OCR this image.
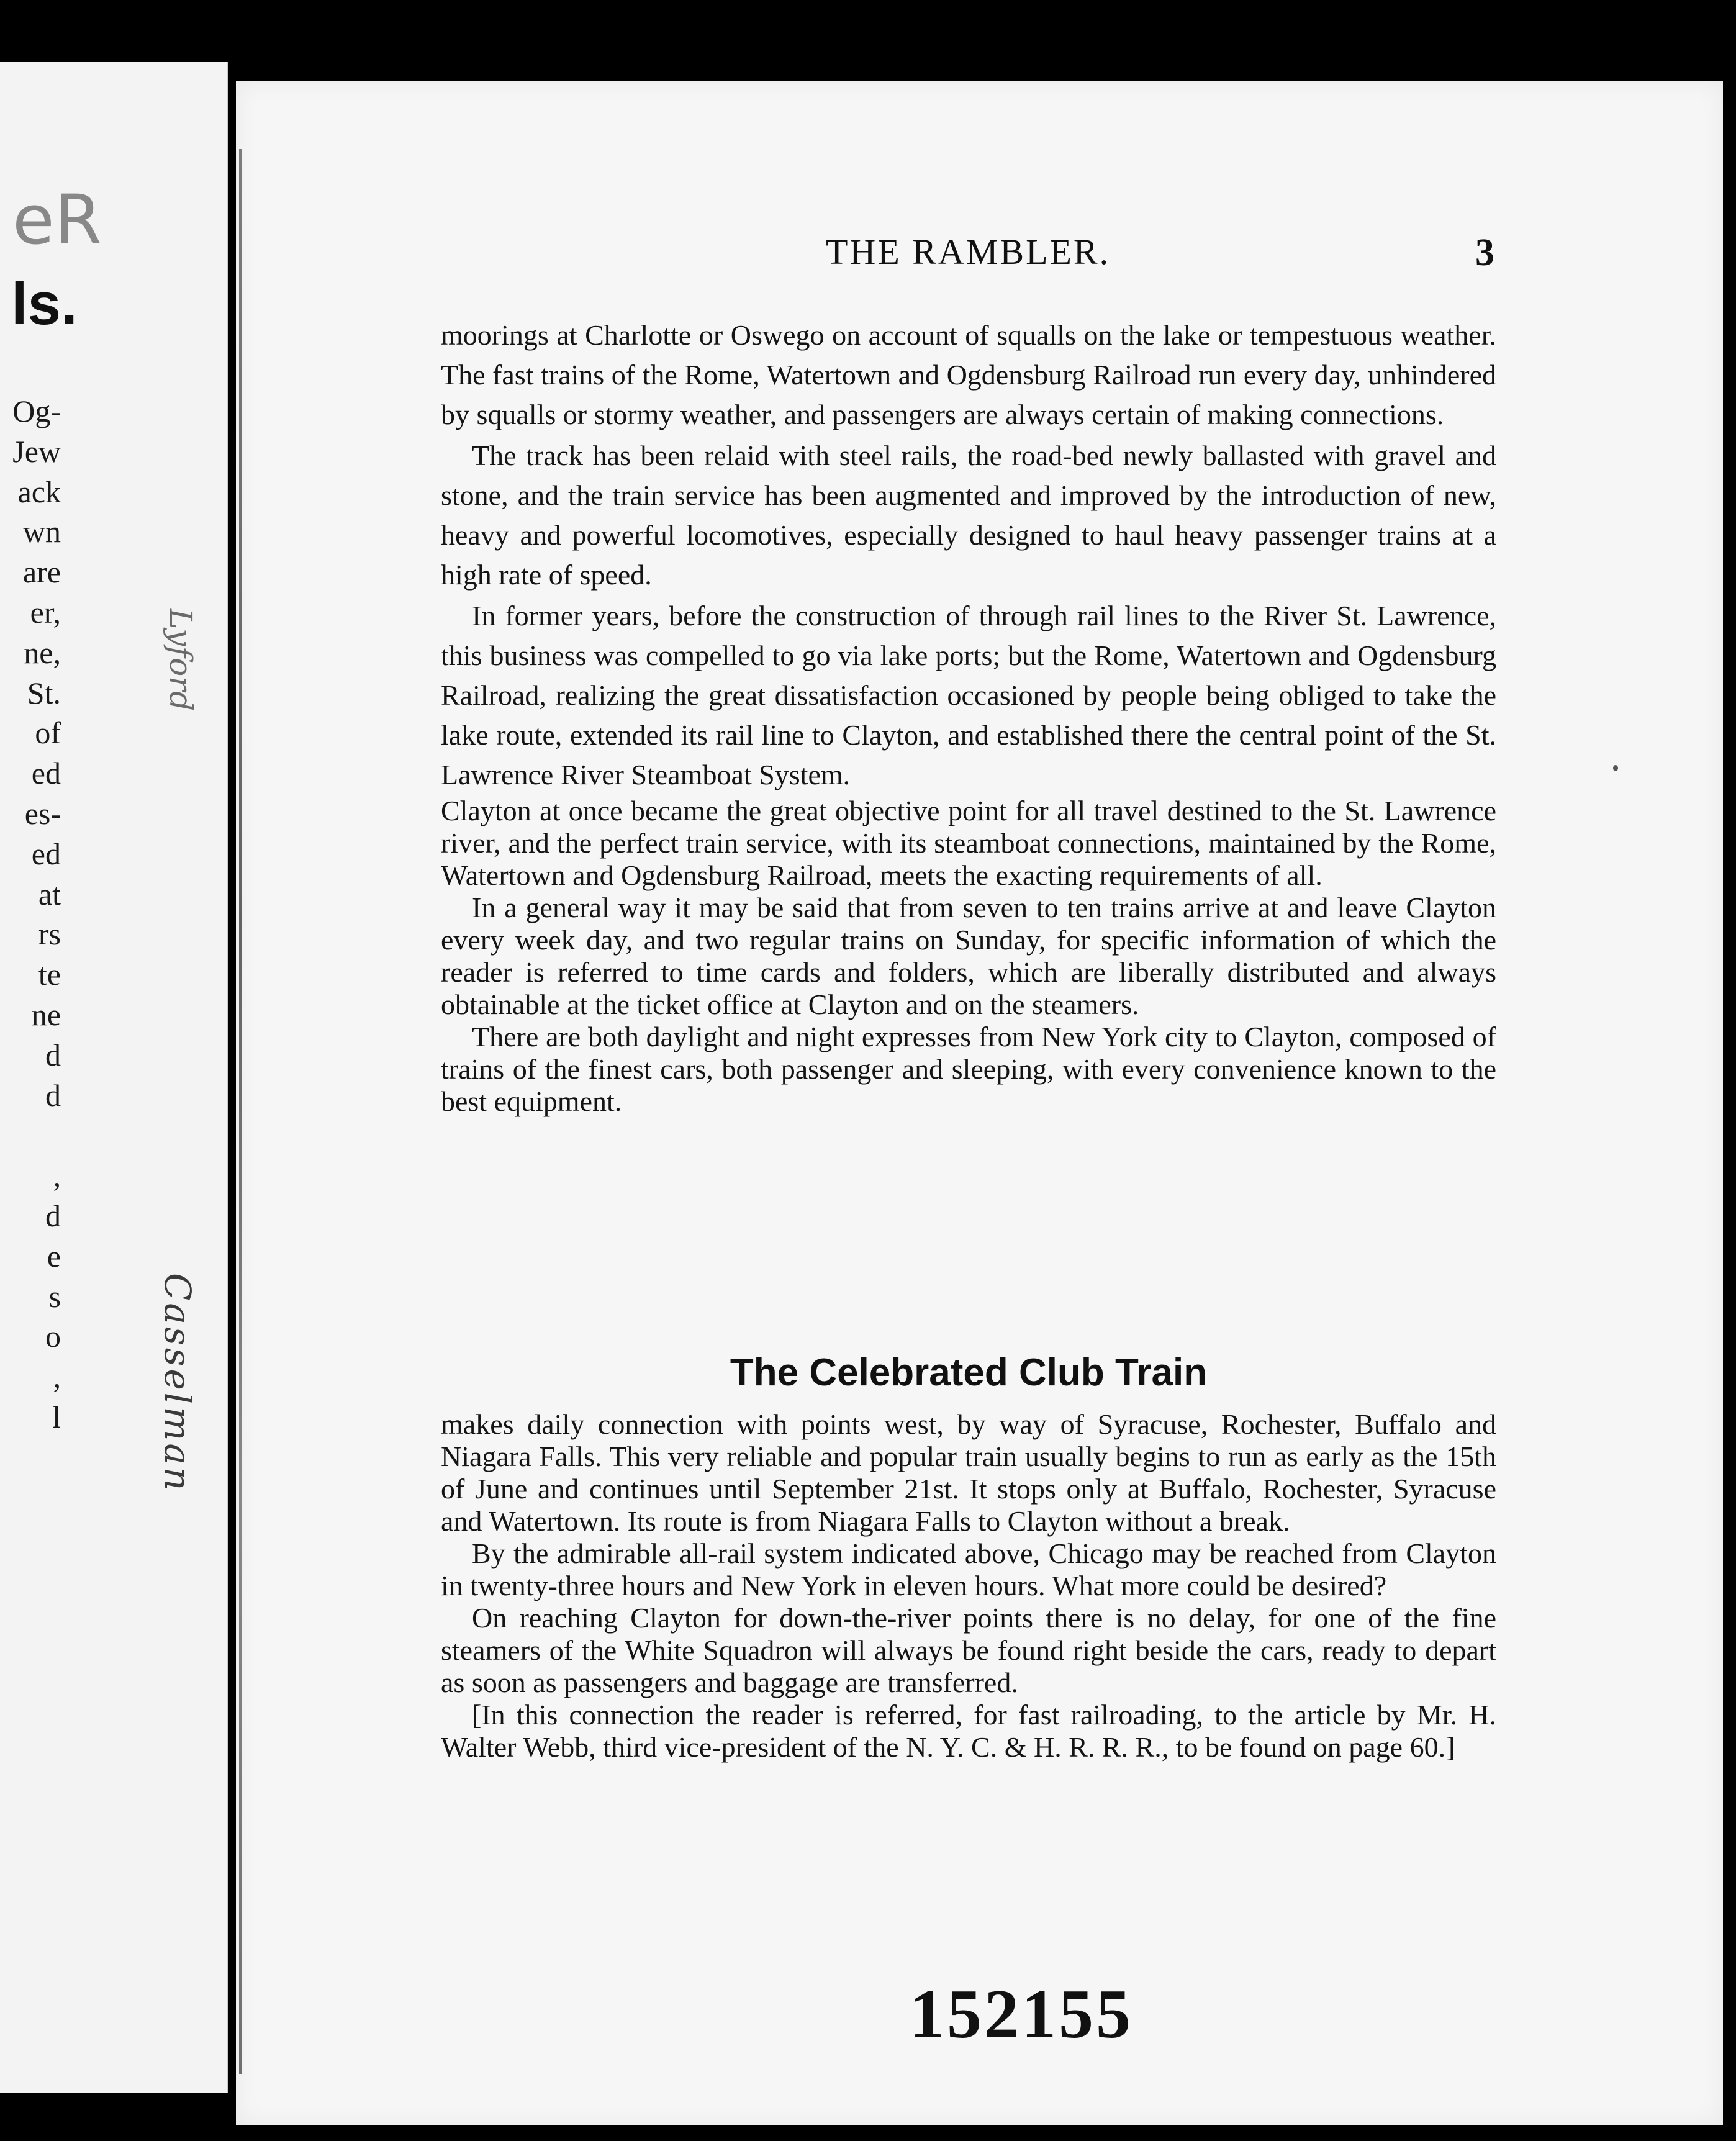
eR
ls.
Og-
Jew
ack
wn
are
er,
ne,
St.
of
ed
es-
ed
at
rs
te
ne
d
d
,
d
e
s
o
,
l
Lyford
Casselman
THE RAMBLER.	3

moorings at Charlotte or Oswego on account of squalls on the lake or tempestuous weather. The fast trains of the Rome, Watertown and Ogdensburg Railroad run every day, unhindered by squalls or stormy weather, and passengers are always certain of making connections.

The track has been relaid with steel rails, the road-bed newly ballasted with gravel and stone, and the train service has been augmented and improved by the introduction of new, heavy and powerful locomotives, especially designed to haul heavy passenger trains at a high rate of speed.

In former years, before the construction of through rail lines to the River St. Lawrence, this business was compelled to go via lake ports; but the Rome, Watertown and Ogdensburg Railroad, realizing the great dissatisfaction occasioned by people being obliged to take the lake route, extended its rail line to Clayton, and established there the central point of the St. Lawrence River Steamboat System.

Clayton at once became the great objective point for all travel destined to the St. Lawrence river, and the perfect train service, with its steamboat connections, maintained by the Rome, Watertown and Ogdensburg Railroad, meets the exacting requirements of all.

In a general way it may be said that from seven to ten trains arrive at and leave Clayton every week day, and two regular trains on Sunday, for specific information of which the reader is referred to time cards and folders, which are liberally distributed and always obtainable at the ticket office at Clayton and on the steamers.

There are both daylight and night expresses from New York city to Clayton, composed of trains of the finest cars, both passenger and sleeping, with every convenience known to the best equipment.

The Celebrated Club Train

makes daily connection with points west, by way of Syracuse, Rochester, Buffalo and Niagara Falls. This very reliable and popular train usually begins to run as early as the 15th of June and continues until September 21st. It stops only at Buffalo, Rochester, Syracuse and Watertown. Its route is from Niagara Falls to Clayton without a break.

By the admirable all-rail system indicated above, Chicago may be reached from Clayton in twenty-three hours and New York in eleven hours. What more could be desired?

On reaching Clayton for down-the-river points there is no delay, for one of the fine steamers of the White Squadron will always be found right beside the cars, ready to depart as soon as passengers and baggage are transferred.

[In this connection the reader is referred, for fast railroading, to the article by Mr. H. Walter Webb, third vice-president of the N. Y. C. & H. R. R. R., to be found on page 60.]

152155
